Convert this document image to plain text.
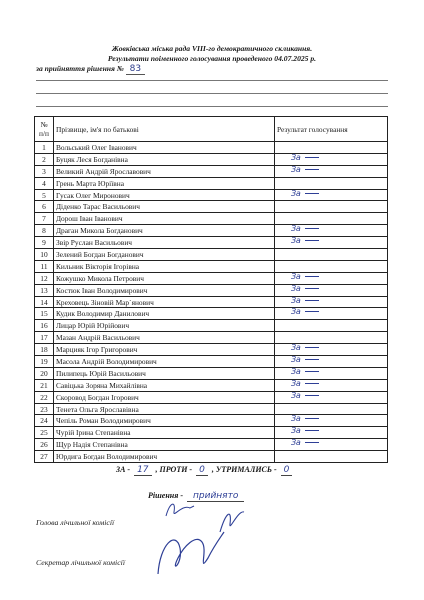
Жовківська міська рада VIII-го демократичного скликання.
Результати поіменного голосування проведеного 04.07.2025 р.
за прийняття рішення № 83
№ п/п	Прізвище, ім'я по батькові	Результат голосування
1	Вольський Олег Іванович	
2	Буцяк Леся Богданівна	За

3	Великий Андрій Ярославович	За

4	Грень Марта Юріївна	
5	Гусак Олег Миронович	За

6	Діденко Тарас Васильович	
7	Дорош Іван Іванович	
8	Драган Микола Богданович	За

9	Звір Руслан Васильович	За

10	Зелений Богдан Богданович	
11	Кильник Вікторія Ігорівна	
12	Кожушко Микола Петрович	За

13	Костюк Іван Володимирович	За

14	Креховець Зіновій Мар`янович	За

15	Кудик Володимир Данилович	За

16	Лицар Юрій Юрійович	
17	Мазан Андрій Васильович	
18	Марцияк Ігор Григорович	За

19	Масола Андрій Володимирович	За

20	Пилипець Юрій Васильович	За

21	Савіцька Зоряна Михайлівна	За

22	Скоровод Богдан Ігорович	За

23	Тенета Ольга Ярославівна	
24	Чепіль Роман Володимирович	За

25	Чурій Ірина Степанівна	За

26	Щур Надія Степанівна	За

27	Юрдига Богдан Володимирович	
ЗА - 17 , ПРОТИ - 0 , УТРИМАЛИСЬ - 0
Рішення - прийнято
Голова лічильної комісії
Секретар лічильної комісії
